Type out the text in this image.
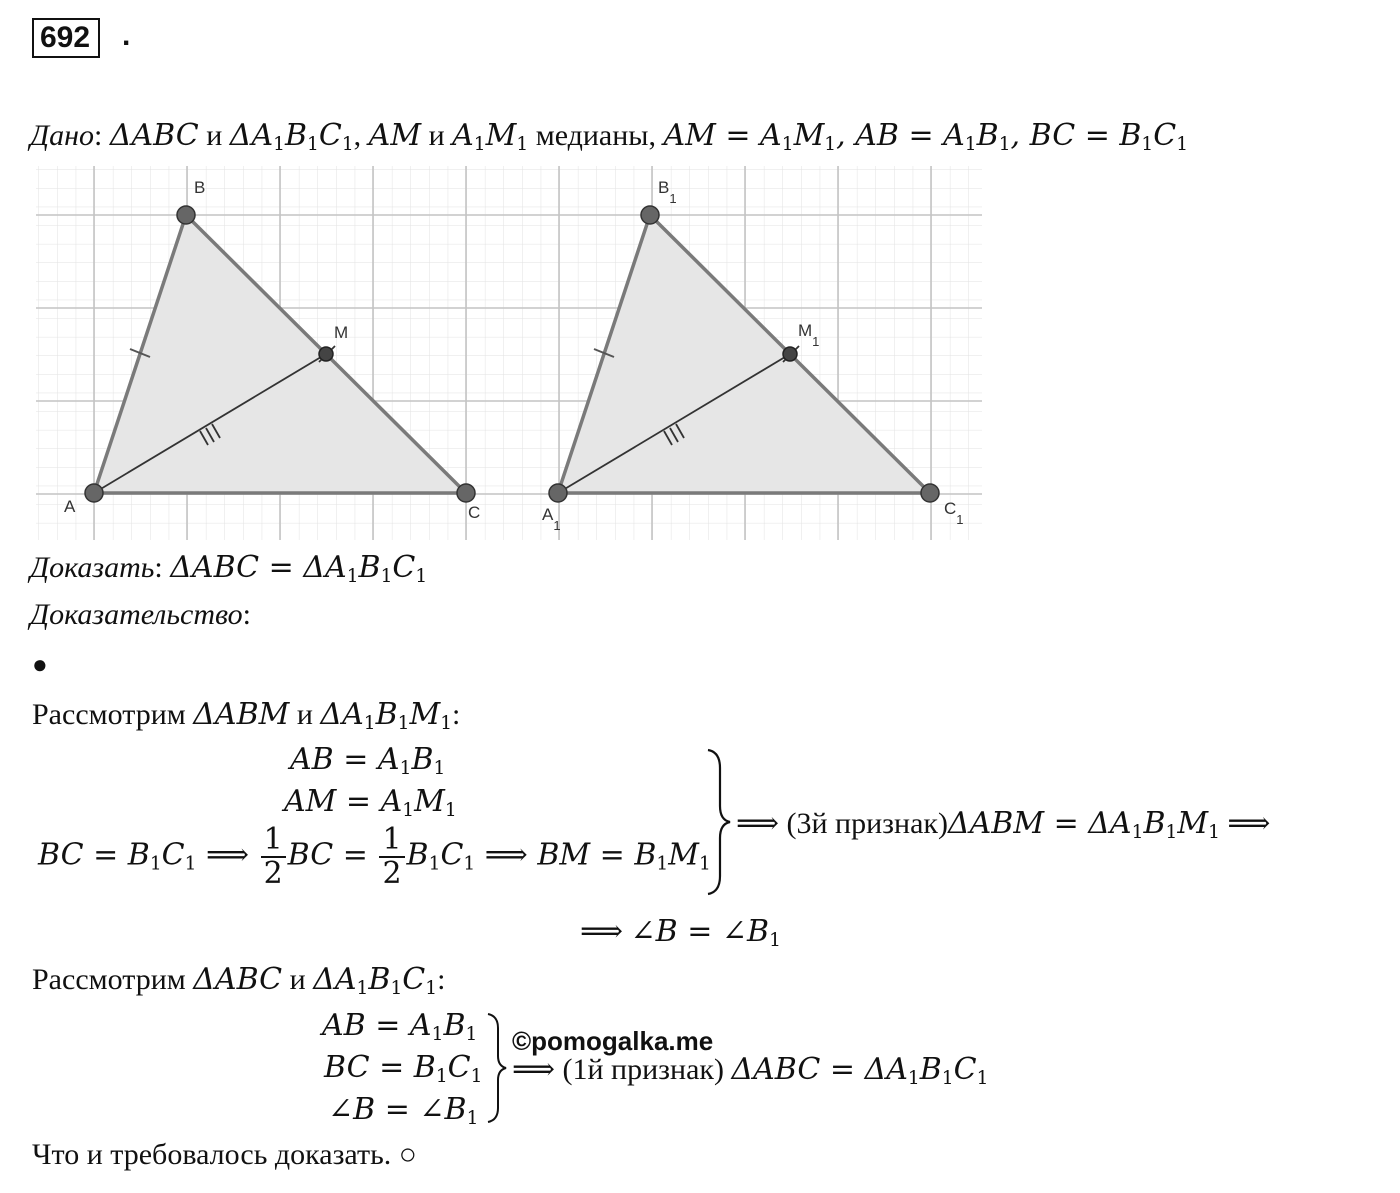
692	.
Дано: ΔABC и $\Delta A_1B_1C_1$, AM и $A_1M_1$ медианы, AM = $A_1M_1$, AB = $A_1B_1$, BC = $B_1C_1$
A
B
C
M
$A_1$
$B_1$
$C_1$
$M_1$
Доказать: $\Delta ABC = \Delta A_1B_1C_1$
Доказательство:
●
Рассмотрим ΔABM и $\Delta A_1B_1M_1$:
AB = $A_1B_1$
AM = $A_1M_1$
BC = $B_1C_1$ ⟹ $\frac{1}{2}$ BC = $\frac{1}{2} B_1C_1$ ⟹ BM = $B_1M_1$
⟹ (3й признак)ΔABM = $\Delta A_1B_1M_1$ ⟹
⟹ ∠B = $\angle B_1$
Рассмотрим ΔABC и $\Delta A_1B_1C_1$:
AB = $A_1B_1$
BC = $B_1C_1$
∠B = $\angle B_1$
⟹ (1й признак) $\Delta ABC = \Delta A_1B_1C_1$
©pomogalka.me
Что и требовалось доказать. ○
